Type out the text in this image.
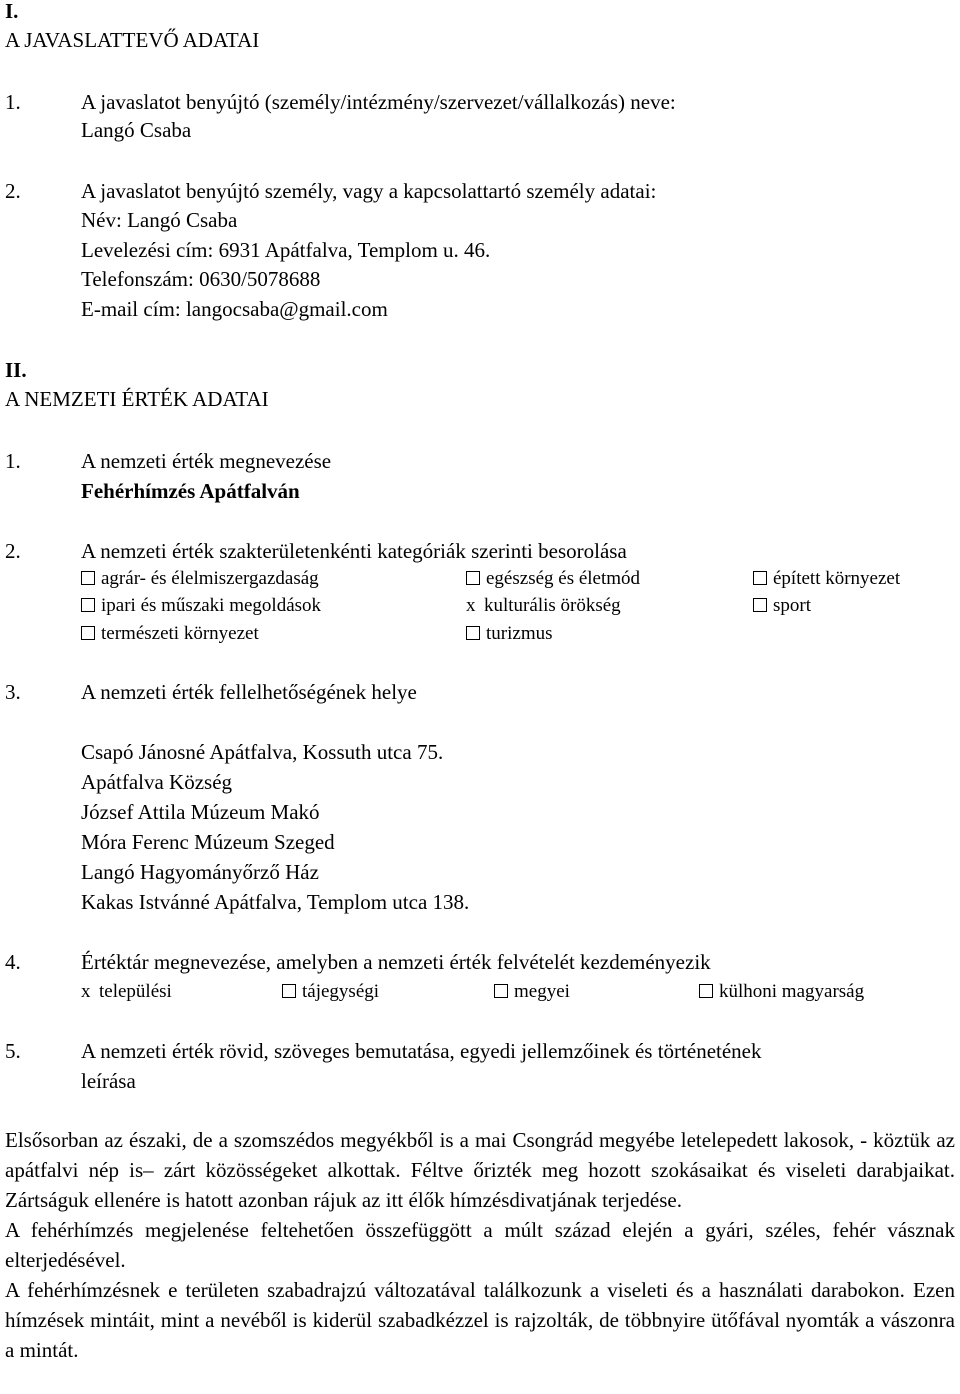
I.
A JAVASLATTEVŐ ADATAI
1.	A javaslatot benyújtó (személy/intézmény/szervezet/vállalkozás) neve:
Langó Csaba
2.	A javaslatot benyújtó személy, vagy a kapcsolattartó személy adatai:
Név: Langó Csaba
Levelezési cím: 6931 Apátfalva, Templom u. 46.
Telefonszám: 0630/5078688
E-mail cím: langocsaba@gmail.com
II.
A NEMZETI ÉRTÉK ADATAI
1.	A nemzeti érték megnevezése
Fehérhímzés Apátfalván
2.	A nemzeti érték szakterületenkénti kategóriák szerinti besorolása
agrár- és élelmiszergazdaság	egészség és életmód	épített környezet
ipari és műszaki megoldások	x kulturális örökség	sport
természeti környezet	turizmus
3.	A nemzeti érték fellelhetőségének helye
Csapó Jánosné Apátfalva, Kossuth utca 75.
Apátfalva Község
József Attila Múzeum Makó
Móra Ferenc Múzeum Szeged
Langó Hagyományőrző Ház
Kakas Istvánné Apátfalva, Templom utca 138.
4.	Értéktár megnevezése, amelyben a nemzeti érték felvételét kezdeményezik
x települési	tájegységi	megyei	külhoni magyarság
5.	A nemzeti érték rövid, szöveges bemutatása, egyedi jellemzőinek és történetének
leírása

Elsősorban az északi, de a szomszédos megyékből is a mai Csongrád megyébe letelepedett lakosok, - köztük az apátfalvi nép is– zárt közösségeket alkottak. Féltve őrizték meg hozott szokásaikat és viseleti darabjaikat. Zártságuk ellenére is hatott azonban rájuk az itt élők hímzésdivatjának terjedése.

A fehérhímzés megjelenése feltehetően összefüggött a múlt század elején a gyári, széles, fehér vásznak elterjedésével.

A fehérhímzésnek e területen szabadrajzú változatával találkozunk a viseleti és a használati darabokon. Ezen hímzések mintáit, mint a nevéből is kiderül szabadkézzel is rajzolták, de többnyire ütőfával nyomták a vászonra a mintát.
